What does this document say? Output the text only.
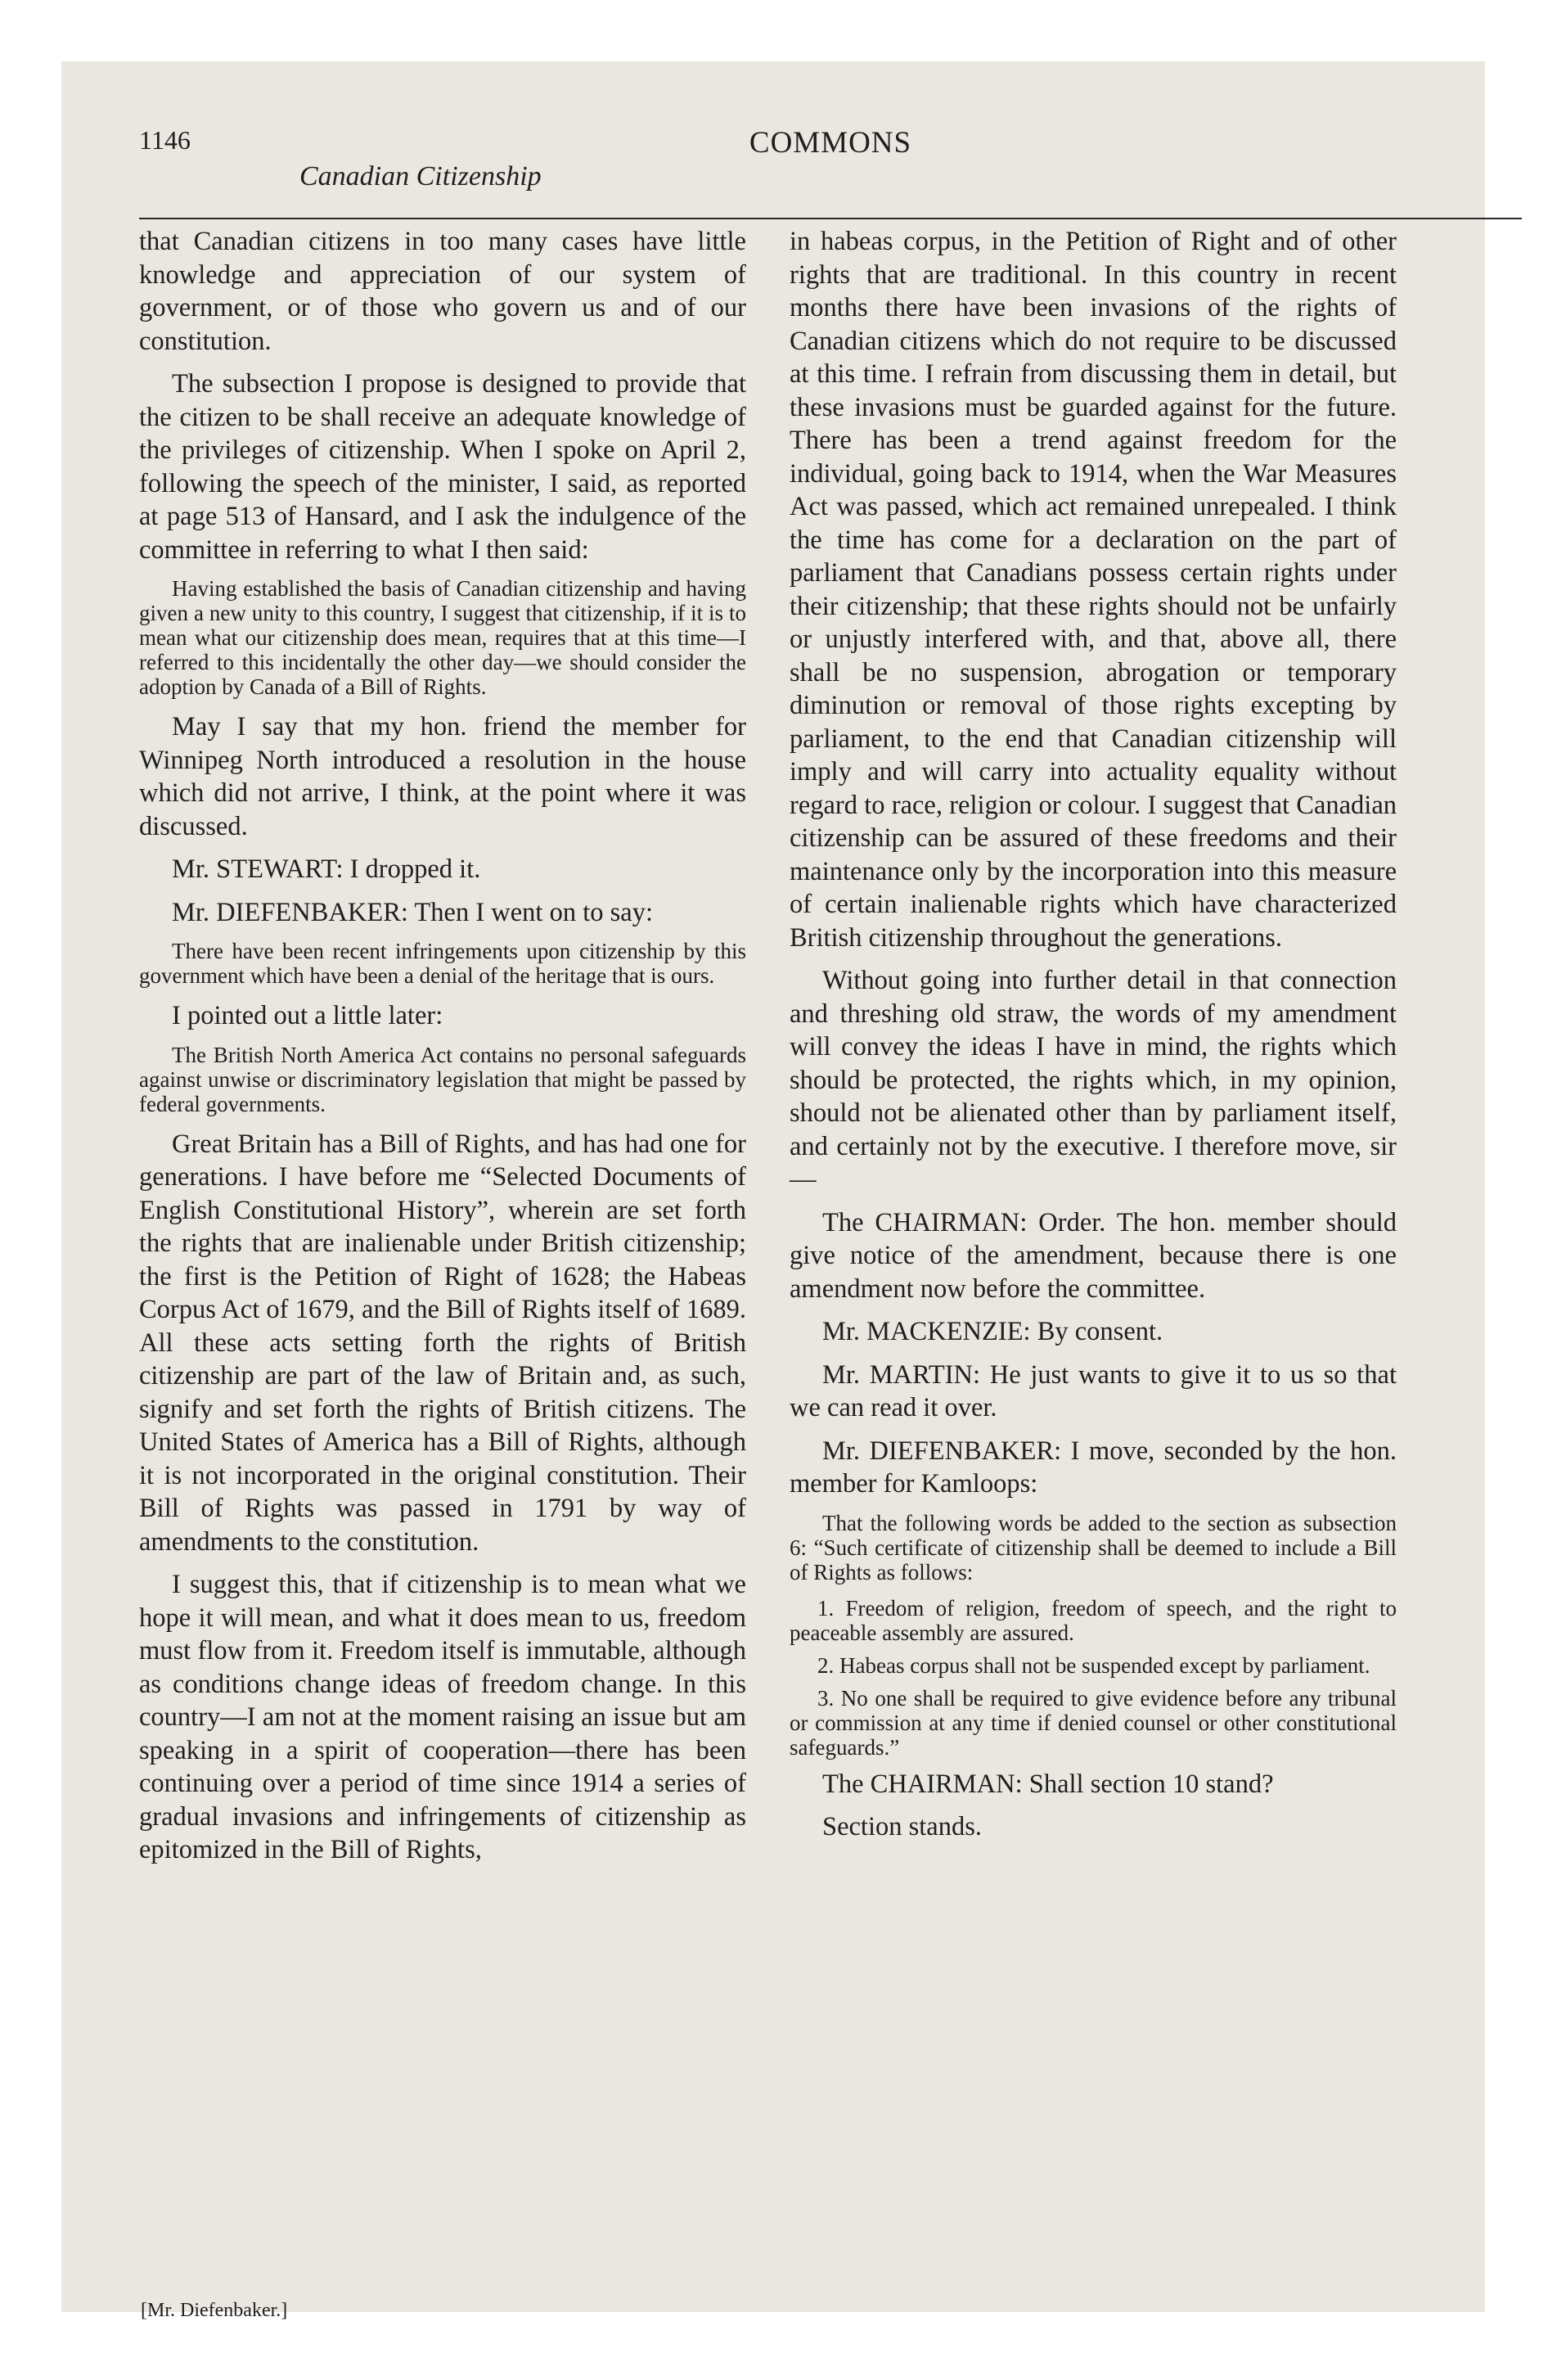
1146	COMMONS
Canadian Citizenship

that Canadian citizens in too many cases have little knowledge and appreciation of our system of government, or of those who govern us and of our constitution.

The subsection I propose is designed to provide that the citizen to be shall receive an adequate knowledge of the privileges of citizenship. When I spoke on April 2, following the speech of the minister, I said, as reported at page 513 of Hansard, and I ask the indulgence of the committee in referring to what I then said:

Having established the basis of Canadian citizenship and having given a new unity to this country, I suggest that citizenship, if it is to mean what our citizenship does mean, requires that at this time—I referred to this incidentally the other day—we should consider the adoption by Canada of a Bill of Rights.

May I say that my hon. friend the member for Winnipeg North introduced a resolution in the house which did not arrive, I think, at the point where it was discussed.

Mr. STEWART: I dropped it.

Mr. DIEFENBAKER: Then I went on to say:

There have been recent infringements upon citizenship by this government which have been a denial of the heritage that is ours.

I pointed out a little later:

The British North America Act contains no personal safeguards against unwise or discriminatory legislation that might be passed by federal governments.

Great Britain has a Bill of Rights, and has had one for generations. I have before me “Selected Documents of English Constitutional History”, wherein are set forth the rights that are inalienable under British citizenship; the first is the Petition of Right of 1628; the Habeas Corpus Act of 1679, and the Bill of Rights itself of 1689. All these acts setting forth the rights of British citizenship are part of the law of Britain and, as such, signify and set forth the rights of British citizens. The United States of America has a Bill of Rights, although it is not incorporated in the original constitution. Their Bill of Rights was passed in 1791 by way of amendments to the constitution.

I suggest this, that if citizenship is to mean what we hope it will mean, and what it does mean to us, freedom must flow from it. Freedom itself is immutable, although as conditions change ideas of freedom change. In this country—I am not at the moment raising an issue but am speaking in a spirit of cooperation—there has been continuing over a period of time since 1914 a series of gradual invasions and infringements of citizenship as epitomized in the Bill of Rights,

in habeas corpus, in the Petition of Right and of other rights that are traditional. In this country in recent months there have been invasions of the rights of Canadian citizens which do not require to be discussed at this time. I refrain from discussing them in detail, but these invasions must be guarded against for the future. There has been a trend against freedom for the individual, going back to 1914, when the War Measures Act was passed, which act remained unrepealed. I think the time has come for a declaration on the part of parliament that Canadians possess certain rights under their citizenship; that these rights should not be unfairly or unjustly interfered with, and that, above all, there shall be no suspension, abrogation or temporary diminution or removal of those rights excepting by parliament, to the end that Canadian citizenship will imply and will carry into actuality equality without regard to race, religion or colour. I suggest that Canadian citizenship can be assured of these freedoms and their maintenance only by the incorporation into this measure of certain inalienable rights which have characterized British citizenship throughout the generations.

Without going into further detail in that connection and threshing old straw, the words of my amendment will convey the ideas I have in mind, the rights which should be protected, the rights which, in my opinion, should not be alienated other than by parliament itself, and certainly not by the executive. I therefore move, sir—

The CHAIRMAN: Order. The hon. member should give notice of the amendment, because there is one amendment now before the committee.

Mr. MACKENZIE: By consent.

Mr. MARTIN: He just wants to give it to us so that we can read it over.

Mr. DIEFENBAKER: I move, seconded by the hon. member for Kamloops:

That the following words be added to the section as subsection 6: “Such certificate of citizenship shall be deemed to include a Bill of Rights as follows:

1. Freedom of religion, freedom of speech, and the right to peaceable assembly are assured.

2. Habeas corpus shall not be suspended except by parliament.

3. No one shall be required to give evidence before any tribunal or commission at any time if denied counsel or other constitutional safeguards.”

The CHAIRMAN: Shall section 10 stand?

Section stands.

[Mr. Diefenbaker.]
